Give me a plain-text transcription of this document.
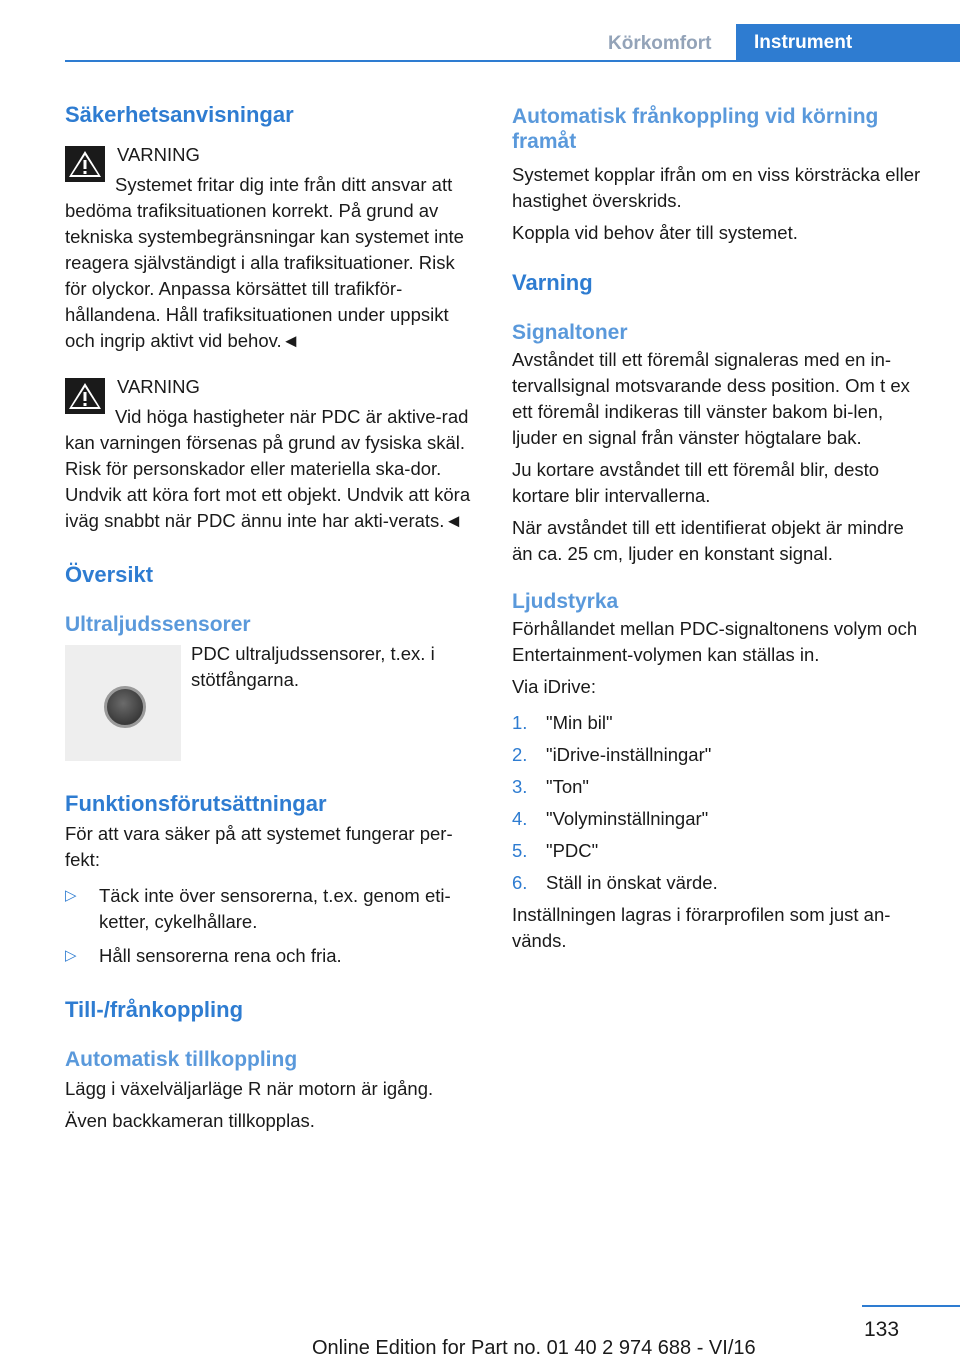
Körkomfort	Instrument
Säkerhetsanvisningar
VARNING

Systemet fritar dig inte från ditt ansvar att bedöma trafiksituationen korrekt. På grund av tekniska systembegränsningar kan systemet inte reagera självständigt i alla trafiksituationer. Risk för olyckor. Anpassa körsättet till trafikför-hållandena. Håll trafiksituationen under uppsikt och ingrip aktivt vid behov.◄

VARNING

Vid höga hastigheter när PDC är aktive-rad kan varningen försenas på grund av fysiska skäl. Risk för personskador eller materiella ska-dor. Undvik att köra fort mot ett objekt. Undvik att köra iväg snabbt när PDC ännu inte har akti-verats.◄

Översikt
Ultraljudssensorer

PDC ultraljudssensorer, t.ex. i stötfångarna.

Funktionsförutsättningar

För att vara säker på att systemet fungerar per-fekt:

▷ Täck inte över sensorerna, t.ex. genom eti-ketter, cykelhållare.
▷ Håll sensorerna rena och fria.
Till-/frånkoppling
Automatisk tillkoppling

Lägg i växelväljarläge R när motorn är igång.

Även backkameran tillkopplas.

Automatisk frånkoppling vid körning framåt

Systemet kopplar ifrån om en viss körsträcka eller hastighet överskrids.

Koppla vid behov åter till systemet.

Varning
Signaltoner

Avståndet till ett föremål signaleras med en in-tervallsignal motsvarande dess position. Om t ex ett föremål indikeras till vänster bakom bi-len, ljuder en signal från vänster högtalare bak.

Ju kortare avståndet till ett föremål blir, desto kortare blir intervallerna.

När avståndet till ett identifierat objekt är mindre än ca. 25 cm, ljuder en konstant signal.

Ljudstyrka

Förhållandet mellan PDC-signaltonens volym och Entertainment-volymen kan ställas in.

Via iDrive:

1. "Min bil"
2. "iDrive-inställningar"
3. "Ton"
4. "Volyminställningar"
5. "PDC"
6. Ställ in önskat värde.

Inställningen lagras i förarprofilen som just an-vänds.

133
Online Edition for Part no. 01 40 2 974 688 - VI/16
